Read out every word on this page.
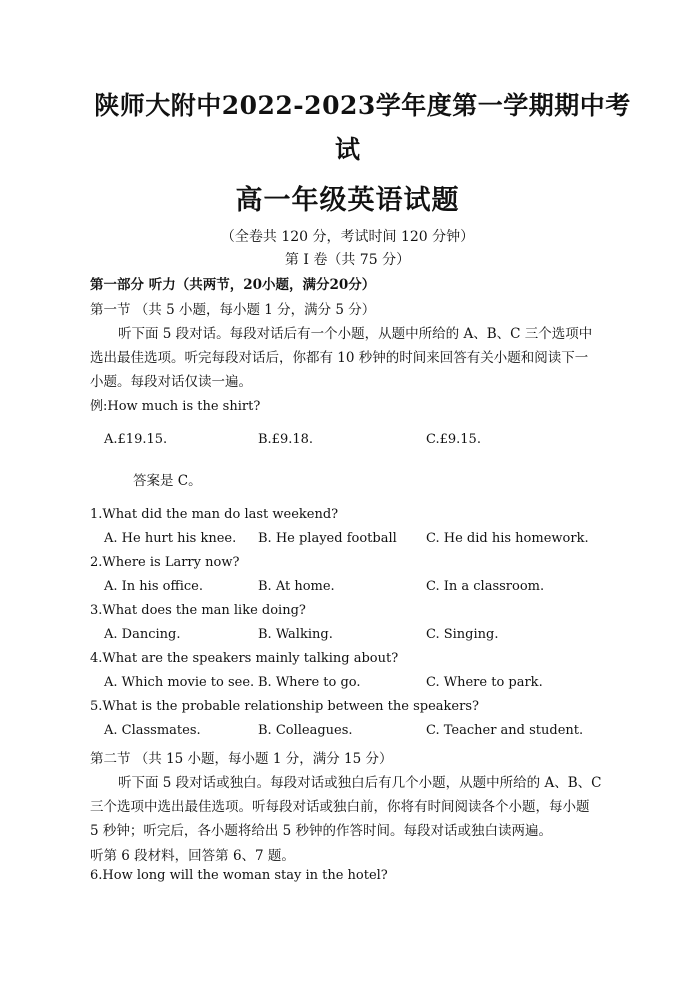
陕师大附中2022-2023学年度第一学期期中考
试
高一年级英语试题
（全卷共 120 分，考试时间 120 分钟）
第 I 卷（共 75 分）
第一部分 听力（共两节，20小题，满分20分）
第一节 （共 5 小题，每小题 1 分，满分 5 分）
听下面 5 段对话。每段对话后有一个小题，从题中所给的 A、B、C 三个选项中
选出最佳选项。听完每段对话后，你都有 10 秒钟的时间来回答有关小题和阅读下一
小题。每段对话仅读一遍。
例:How much is the shirt?
A.£19.15.	B.£9.18.	C.£9.15.
答案是 C。
1.What did the man do last weekend?
A. He hurt his knee. B. He played football C. He did his homework.
2.Where is Larry now?
A. In his office.	B. At home.	C. In a classroom.
3.What does the man like doing?
A. Dancing.	B. Walking.	C. Singing.
4.What are the speakers mainly talking about?
A. Which movie to see. B. Where to go.	C. Where to park.
5.What is the probable relationship between the speakers?
A. Classmates.	B. Colleagues.	C. Teacher and student.
第二节 （共 15 小题，每小题 1 分，满分 15 分）
听下面 5 段对话或独白。每段对话或独白后有几个小题，从题中所给的 A、B、C
三个选项中选出最佳选项。听每段对话或独白前，你将有时间阅读各个小题，每小题
5 秒钟；听完后，各小题将给出 5 秒钟的作答时间。每段对话或独白读两遍。
听第 6 段材料，回答第 6、7 题。
6.How long will the woman stay in the hotel?
